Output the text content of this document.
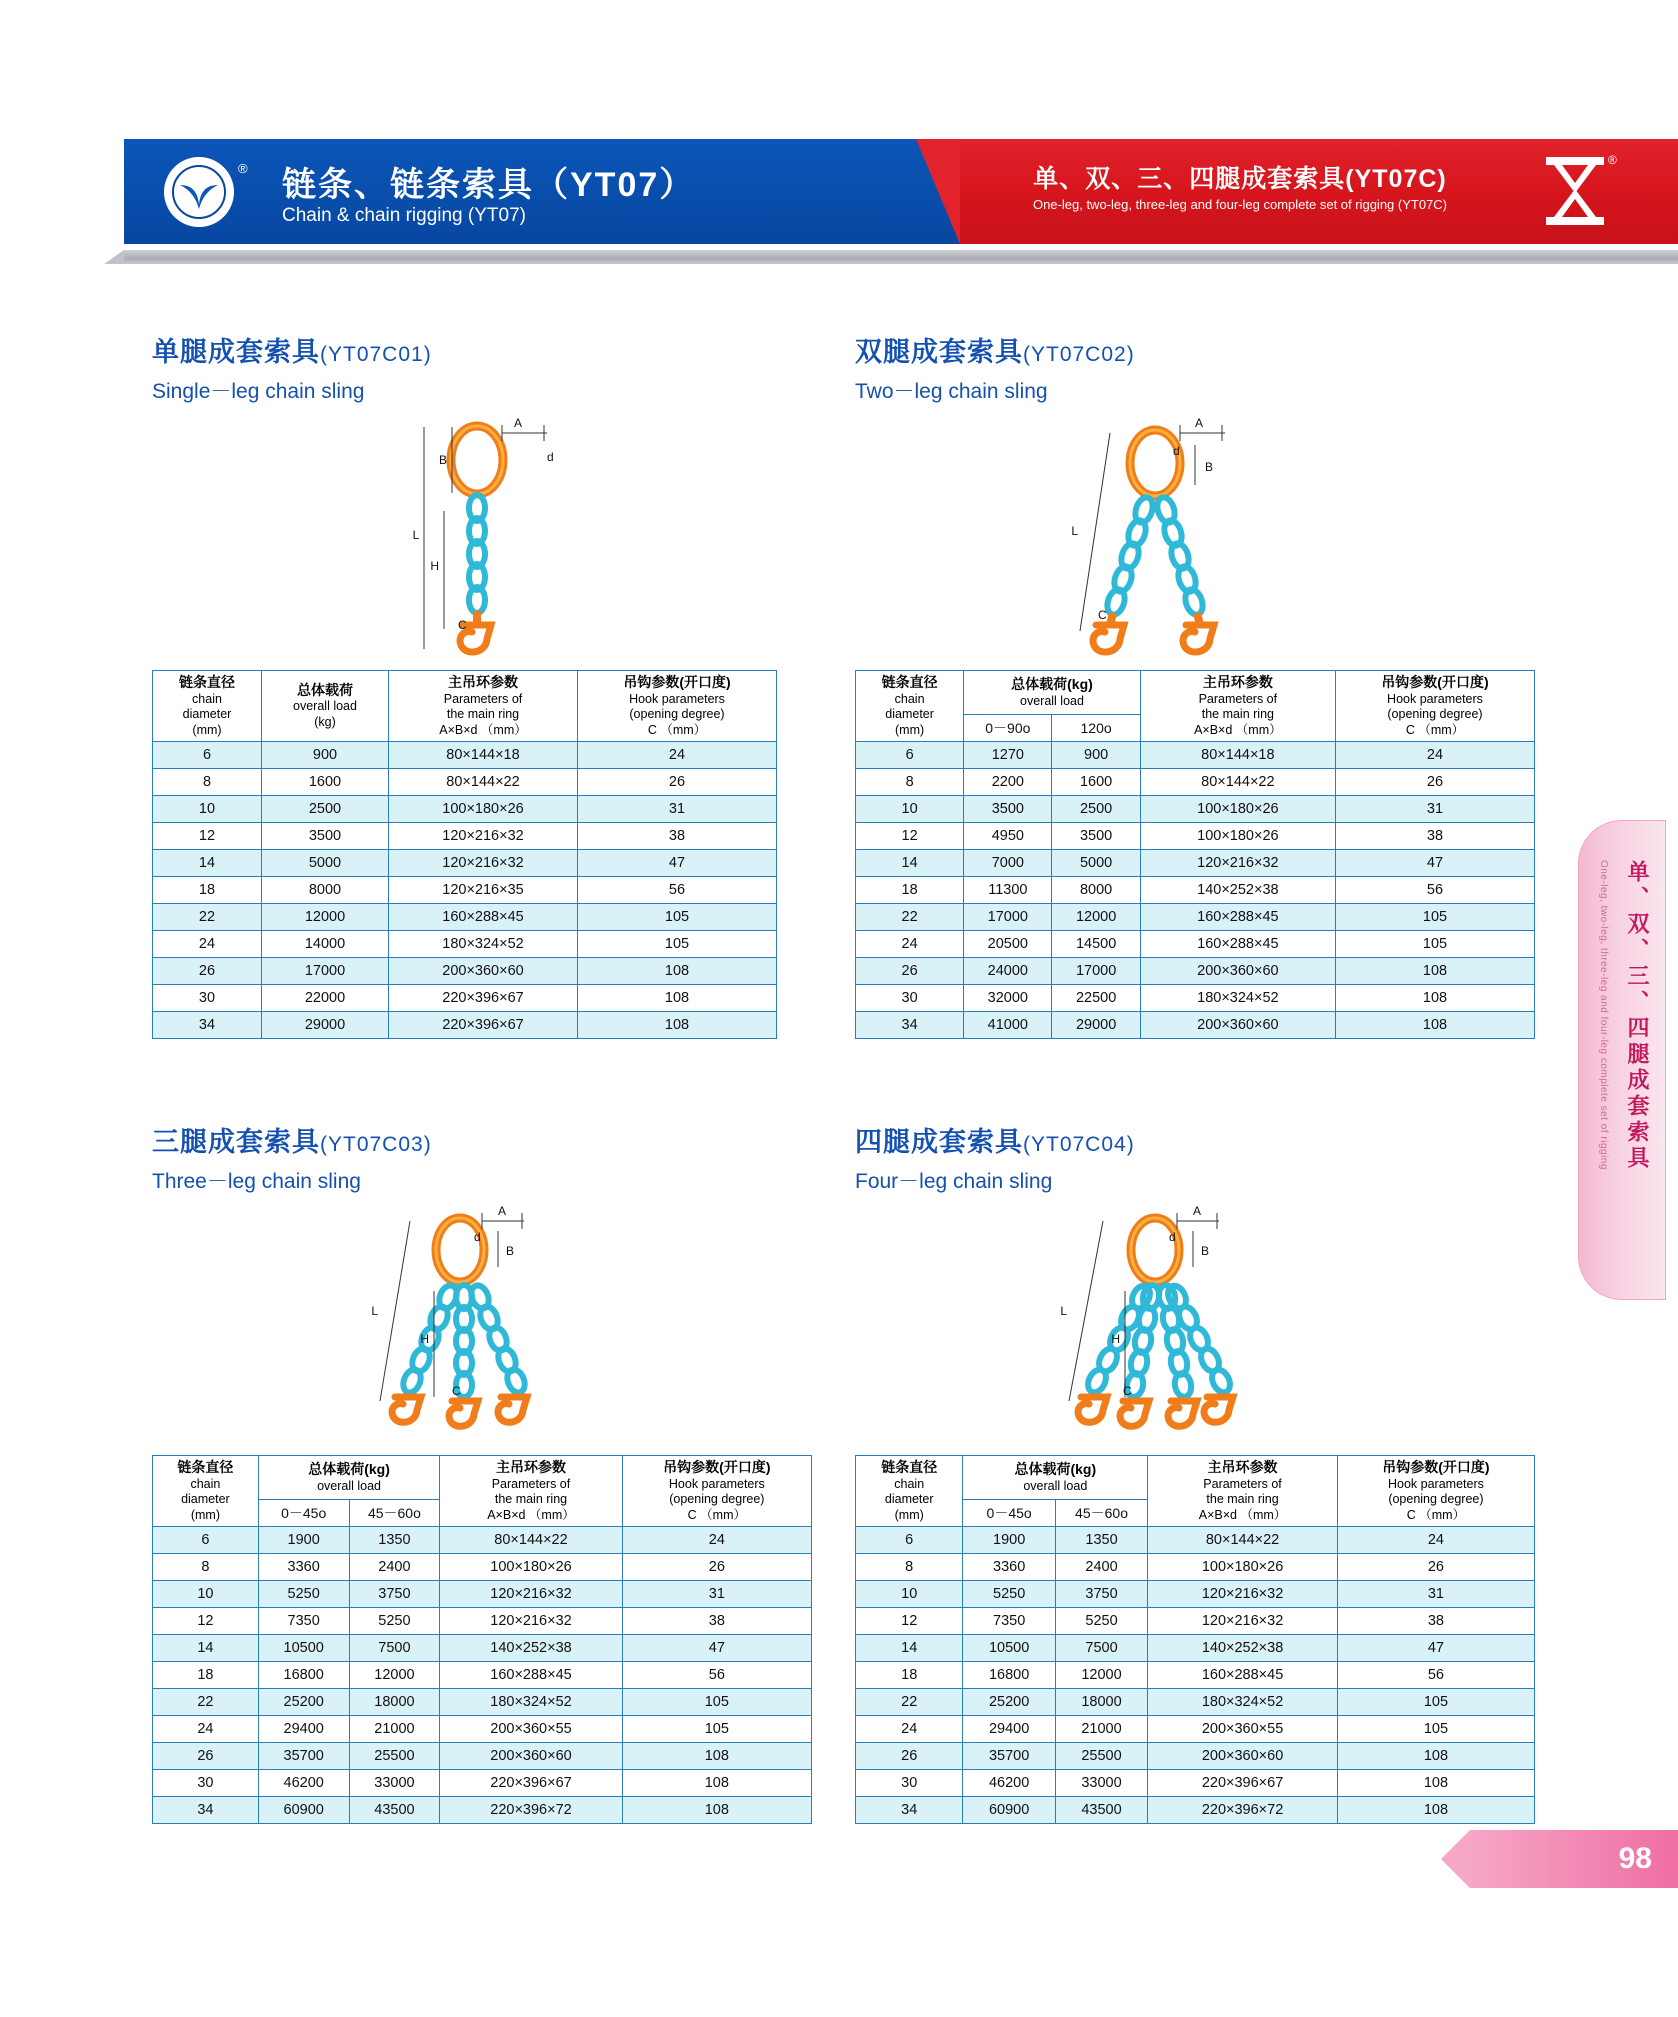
® 链条、链条索具（YT07）
Chain & chain rigging (YT07)
单、双、三、四腿成套索具(YT07C)
One-leg, two-leg, three-leg and four-leg complete set of rigging (YT07C)
®
单腿成套索具(YT07C01)
Single－leg chain sling
A
B	d
L
H
C
链条直径
chain
diameter
(mm)	总体载荷
overall load
(kg)	主吊环参数
Parameters of
the main ring
A×B×d （mm）	吊钩参数(开口度)
Hook parameters
(opening degree)
C （mm）

6	900	80×144×18	24
8	1600	80×144×22	26
10	2500	100×180×26	31
12	3500	120×216×32	38
14	5000	120×216×32	47
18	8000	120×216×35	56
22	12000	160×288×45	105
24	14000	180×324×52	105
26	17000	200×360×60	108
30	22000	220×396×67	108
34	29000	220×396×67	108
双腿成套索具(YT07C02)
Two－leg chain sling
A
B
d
L
C
链条直径
chain
diameter
(mm)	总体载荷(kg)
overall load		主吊环参数
Parameters of
the main ring
A×B×d （mm）	吊钩参数(开口度)
Hook parameters
(opening degree)
C （mm）

	0－90o	120o		
6	1270	900	80×144×18	24
8	2200	1600	80×144×22	26
10	3500	2500	100×180×26	31
12	4950	3500	100×180×26	38
14	7000	5000	120×216×32	47
18	11300	8000	140×252×38	56
22	17000	12000	160×288×45	105
24	20500	14500	160×288×45	105
26	24000	17000	200×360×60	108
30	32000	22500	180×324×52	108
34	41000	29000	200×360×60	108
三腿成套索具(YT07C03)
Three－leg chain sling
A
B
d
L
H
C
链条直径
chain
diameter
(mm)	总体载荷(kg)
overall load		主吊环参数
Parameters of
the main ring
A×B×d （mm）	吊钩参数(开口度)
Hook parameters
(opening degree)
C （mm）

	0－45o	45－60o		
6	1900	1350	80×144×22	24
8	3360	2400	100×180×26	26
10	5250	3750	120×216×32	31
12	7350	5250	120×216×32	38
14	10500	7500	140×252×38	47
18	16800	12000	160×288×45	56
22	25200	18000	180×324×52	105
24	29400	21000	200×360×55	105
26	35700	25500	200×360×60	108
30	46200	33000	220×396×67	108
34	60900	43500	220×396×72	108
四腿成套索具(YT07C04)
Four－leg chain sling
A
B
d
L
H
C
链条直径
chain
diameter
(mm)	总体载荷(kg)
overall load		主吊环参数
Parameters of
the main ring
A×B×d （mm）	吊钩参数(开口度)
Hook parameters
(opening degree)
C （mm）

	0－45o	45－60o		
6	1900	1350	80×144×22	24
8	3360	2400	100×180×26	26
10	5250	3750	120×216×32	31
12	7350	5250	120×216×32	38
14	10500	7500	140×252×38	47
18	16800	12000	160×288×45	56
22	25200	18000	180×324×52	105
24	29400	21000	200×360×55	105
26	35700	25500	200×360×60	108
30	46200	33000	220×396×67	108
34	60900	43500	220×396×72	108
单、双、三、四腿成套索具
One-leg, two-leg, three-leg and four-leg complete set of rigging
98
